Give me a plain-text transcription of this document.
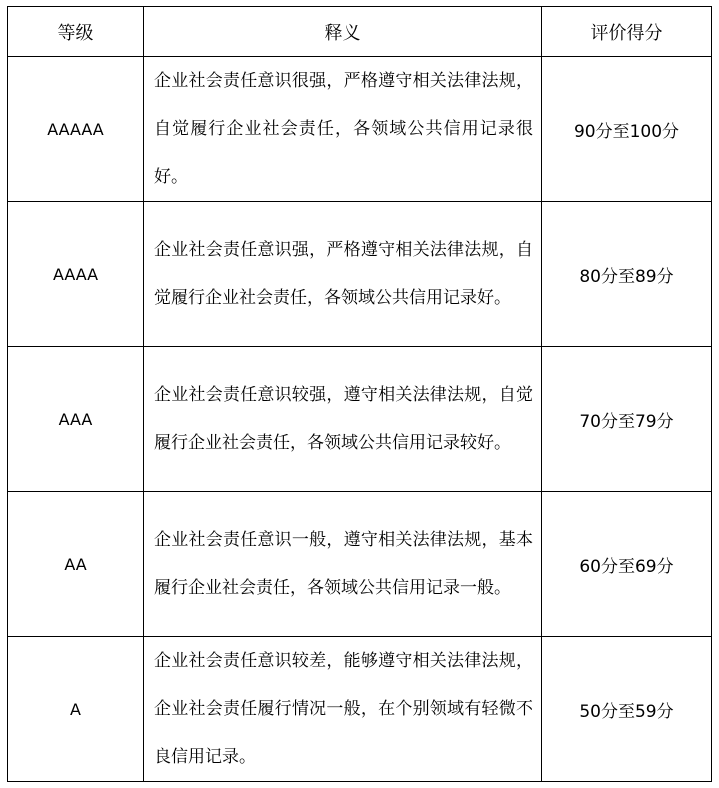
等级	释义	评价得分
AAAAA	企业社会责任意识很强，严格遵守相关法律法规，自觉履行企业社会责任，各领域公共信用记录很好。	90分至100分
AAAA	企业社会责任意识强，严格遵守相关法律法规，自觉履行企业社会责任，各领域公共信用记录好。	80分至89分
AAA	企业社会责任意识较强，遵守相关法律法规，自觉履行企业社会责任，各领域公共信用记录较好。	70分至79分
AA	企业社会责任意识一般，遵守相关法律法规，基本履行企业社会责任，各领域公共信用记录一般。	60分至69分
A	企业社会责任意识较差，能够遵守相关法律法规，企业社会责任履行情况一般，在个别领域有轻微不良信用记录。	50分至59分
